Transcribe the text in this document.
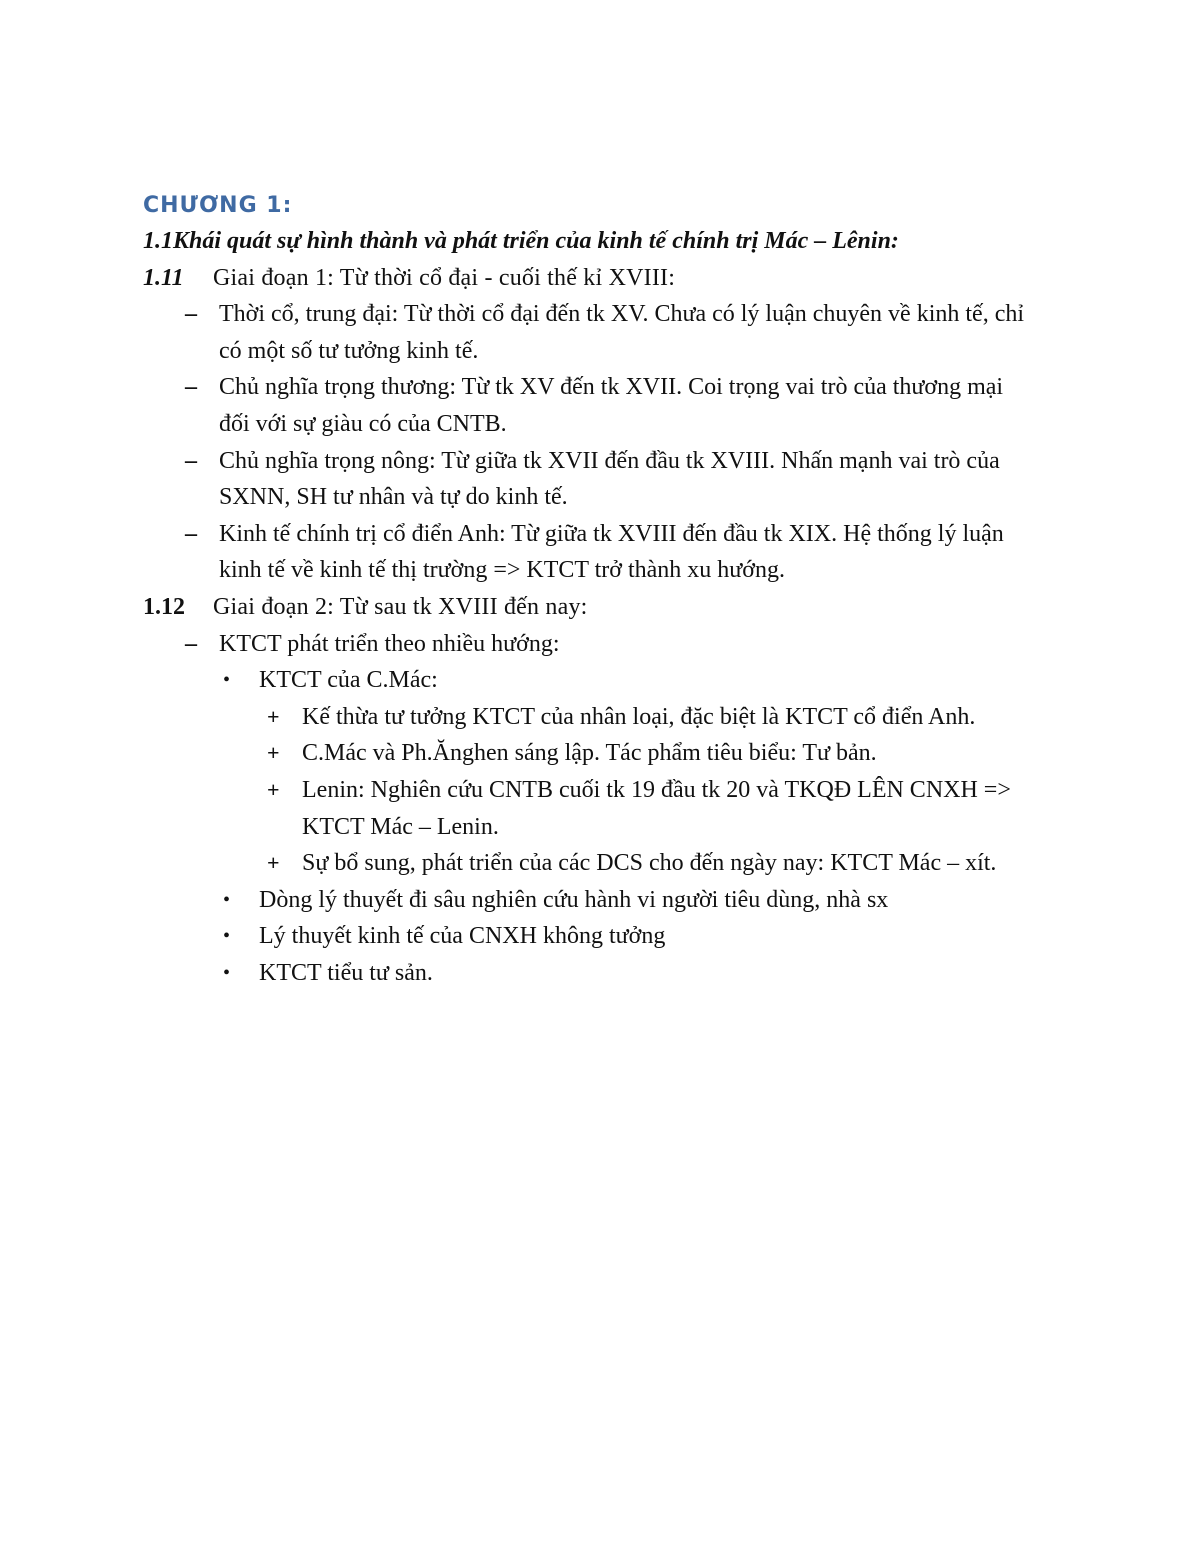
CHƯƠNG 1:

1.1Khái quát sự hình thành và phát triển của kinh tế chính trị Mác – Lênin:

1.11	Giai đoạn 1: Từ thời cổ đại - cuối thế kỉ XVIII:
– Thời cổ, trung đại: Từ thời cổ đại đến tk XV. Chưa có lý luận chuyên về kinh tế, chỉ có một số tư tưởng kinh tế.
– Chủ nghĩa trọng thương: Từ tk XV đến tk XVII. Coi trọng vai trò của thương mại đối với sự giàu có của CNTB.
– Chủ nghĩa trọng nông: Từ giữa tk XVII đến đầu tk XVIII. Nhấn mạnh vai trò của SXNN, SH tư nhân và tự do kinh tế.
– Kinh tế chính trị cổ điển Anh: Từ giữa tk XVIII đến đầu tk XIX. Hệ thống lý luận kinh tế về kinh tế thị trường => KTCT trở thành xu hướng.
1.12	Giai đoạn 2: Từ sau tk XVIII đến nay:
– KTCT phát triển theo nhiều hướng:
•	KTCT của C.Mác:
+ Kế thừa tư tưởng KTCT của nhân loại, đặc biệt là KTCT cổ điển Anh.
+ C.Mác và Ph.Ănghen sáng lập. Tác phẩm tiêu biểu: Tư bản.
+ Lenin: Nghiên cứu CNTB cuối tk 19 đầu tk 20 và TKQĐ LÊN CNXH => KTCT Mác – Lenin.
+ Sự bổ sung, phát triển của các DCS cho đến ngày nay: KTCT Mác – xít.
•	Dòng lý thuyết đi sâu nghiên cứu hành vi người tiêu dùng, nhà sx
•	Lý thuyết kinh tế của CNXH không tưởng
•	KTCT tiểu tư sản.
